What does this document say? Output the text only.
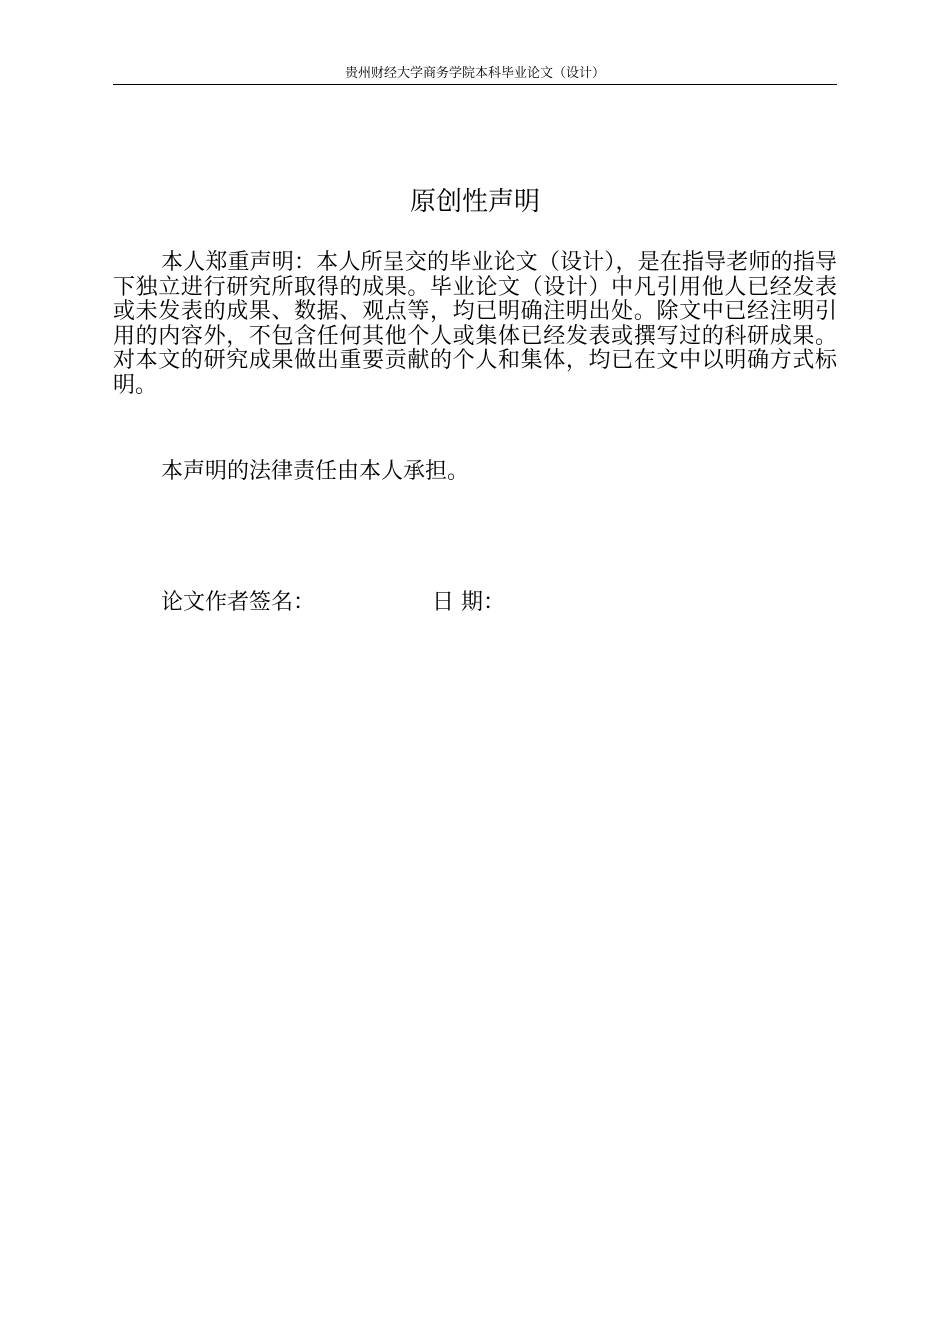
贵州财经大学商务学院本科毕业论文（设计）
原创性声明

本人郑重声明：本人所呈交的毕业论文（设计），是在指导老师的指导下独立进行研究所取得的成果。毕业论文（设计）中凡引用他人已经发表或未发表的成果、数据、观点等，均已明确注明出处。除文中已经注明引用的内容外，不包含任何其他个人或集体已经发表或撰写过的科研成果。对本文的研究成果做出重要贡献的个人和集体，均已在文中以明确方式标明。

本声明的法律责任由本人承担。

论文作者签名：	日 期：
